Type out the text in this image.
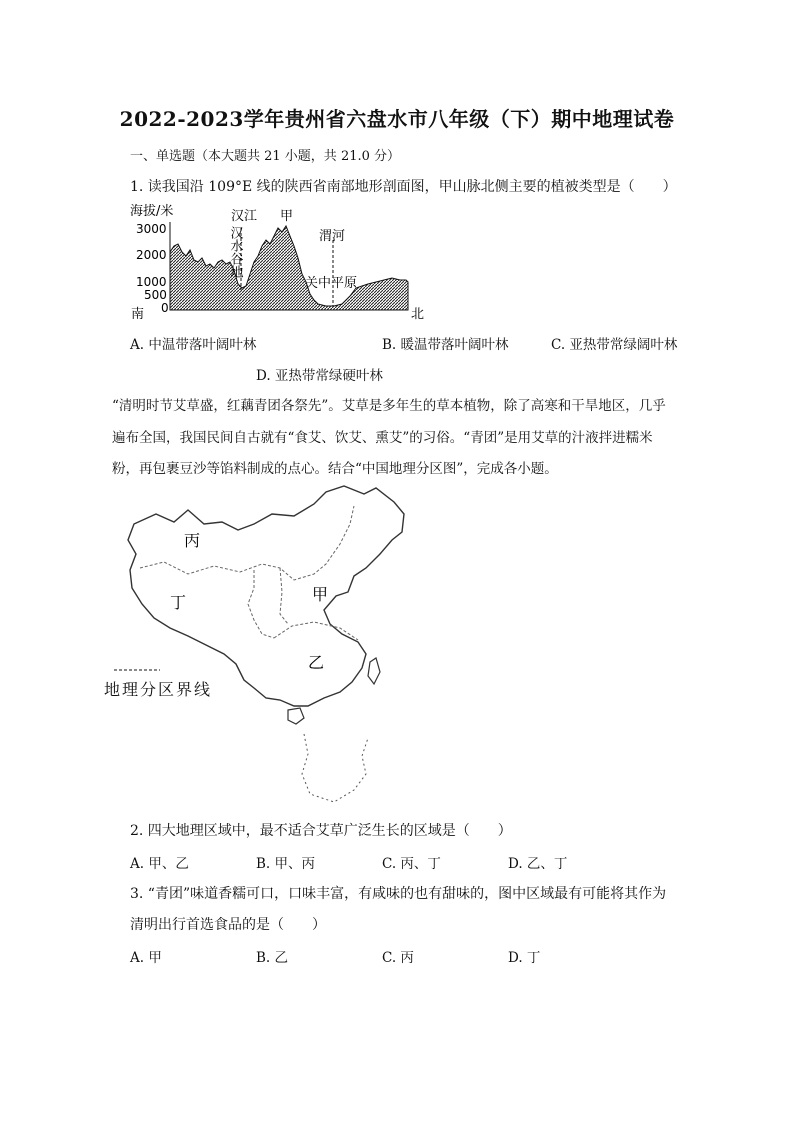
2022-2023学年贵州省六盘水市八年级（下）期中地理试卷
一、单选题（本大题共 21 小题，共 21.0 分）
1. 读我国沿 109°E 线的陕西省南部地形剖面图，甲山脉北侧主要的植被类型是（　　）
海拔/米
3000
2000
1000
500
0
南	北
汉江 甲
渭河
汉水谷地
关中平原
A. 中温带落叶阔叶林	B. 暖温带落叶阔叶林	C. 亚热带常绿阔叶林
D. 亚热带常绿硬叶林
“清明时节艾草盛，红藕青团各祭先”。艾草是多年生的草本植物，除了高寒和干旱地区，几乎
遍布全国，我国民间自古就有“食艾、饮艾、熏艾”的习俗。“青团”是用艾草的汁液拌进糯米
粉，再包裹豆沙等馅料制成的点心。结合“中国地理分区图”，完成各小题。
丙
丁	甲
乙
地理分区界线
2. 四大地理区域中，最不适合艾草广泛生长的区域是（　　）
A. 甲、乙	B. 甲、丙	C. 丙、丁	D. 乙、丁
3. “青团”味道香糯可口，口味丰富，有咸味的也有甜味的，图中区域最有可能将其作为
清明出行首选食品的是（　　）
A. 甲	B. 乙	C. 丙	D. 丁
